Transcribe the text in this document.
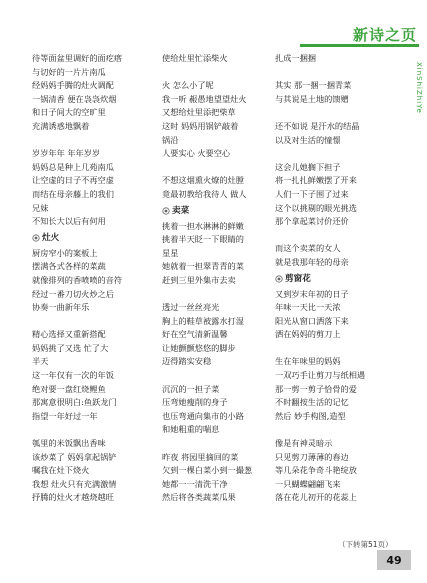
新诗之页
XinShiZhiYe
待等面盆里调好的面疙瘩
与切好的一片片南瓜
经妈妈手腾的灶火调配
一锅清香 便在袅袅炊烟
和日子间大的空旷里
充满诱惑地飘着
岁岁年年 年年岁岁
妈妈总是种上几苑南瓜
让空虚的日子不再空虚
而结在母亲藤上的我们
兄妹
不知长大以后有何用
灶火
厨房窄小的案板上
摆满各式各样的菜蔬
就像排列的香喷喷的音符
经过一番刀切火炒之后
协奏一曲新年乐
精心选择又重新搭配
妈妈挑了又选 忙了大
半天
这一年仅有一次的年饭
绝对要一盘红烧鲤鱼
那寓意很明白:鱼跃龙门
指望一年好过一年
瓠里的米饭飘出香味
该炒菜了 妈妈拿起锅铲
嘱我在灶下烧火
我想 灶火只有充满激情
抒腾的灶火才越烧越旺
使给灶里忙添柴火
火 怎么小了呢
我一听 赧愚地望望灶火
又想给灶里添把柴草
这时 妈妈用锅铲敲着
锅沿
人要实心 火要空心
不想这烟熏火燎的灶膛
竟最初教给我待人 做人
卖菜
挑着一担水淋淋的鲜嫩
挑着半天眨一下眼睛的
星星
她就着一担翠青青的菜
赶到三里外集市去卖
透过一丝丝亮光
胸上的鞋草被露水打湿
好在空气清新温馨
让她颤颤悠悠的脚步
迈得踏实安稳
沉沉的一担子菜
压弯她瘦削的身子
也压弯通向集市的小路
和她粗重的喘息
昨夜 将园里摘回的菜
欠到一棵白菜小到一撮葱
她都一一清洗干净
然后将各类蔬菜瓜果
扎成一捆捆
其实 那一捆一捆青菜
与其说是土地的馈赠
还不如说 是汗水的结晶
以及对生活的憧憬
这会儿她搁下担子
将一扎扎鲜嫩摆了开来
人们一下子围了过来
这个以挑剔的眼光挑选
那个拿起菜讨价还价
而这个卖菜的女人
就是我那年轻的母亲
剪窗花
又到岁末年初的日子
年味一天比一天浓
阳光从窗口洒落下来
洒在妈妈的剪刀上
生在年味里的妈妈
一双巧手让剪刀与纸相遇
那一剪一剪子恰骨的爱
不时翻按生活的记忆
然后 妙手构图,造型
像是有神灵暗示
只见剪刀薄薄的春边
等几朵花争奇斗艳绽放
一只蝴蝶翩翩飞来
落在花儿初开的花蕊上
（下转第51页）
49
